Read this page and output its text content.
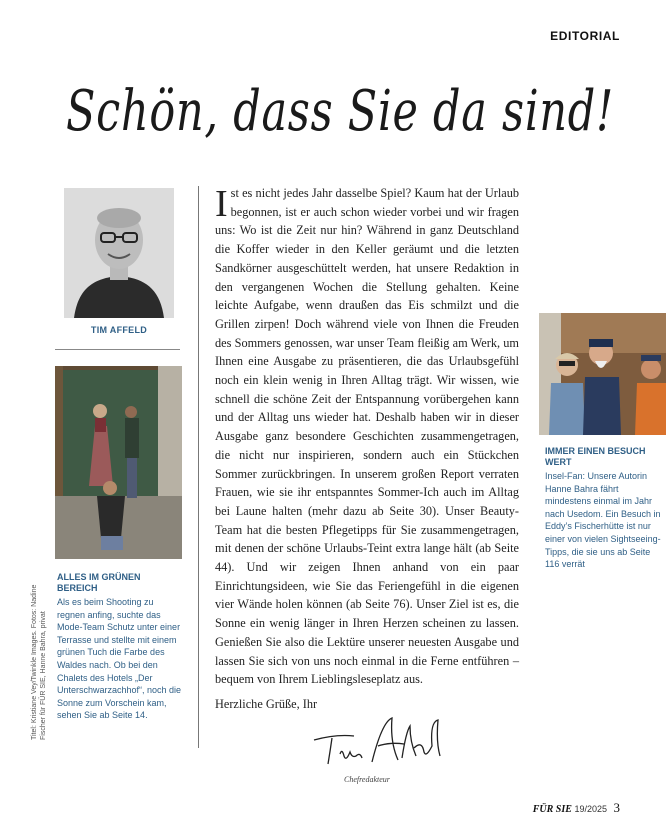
EDITORIAL
Schön, dass Sie da sind!
TIM AFFELD
Titel: Kristiane Vey/Twinkle Images. Fotos: Nadine Fischer für FÜR SIE, Hanne Bahra, privat
ALLES IM GRÜNEN BEREICH
Als es beim Shooting zu regnen anfing, suchte das Mode-Team Schutz unter einer Terrasse und stellte mit einem grünen Tuch die Farbe des Waldes nach. Ob bei den Chalets des Hotels „Der Unterschwarzachhof“, noch die Sonne zum Vorschein kam, sehen Sie ab Seite 14.
Ist es nicht jedes Jahr dasselbe Spiel? Kaum hat der Urlaub begonnen, ist er auch schon wieder vorbei und wir fragen uns: Wo ist die Zeit nur hin? Während in ganz Deutschland die Koffer wieder in den Keller geräumt und die letzten Sandkörner ausgeschüttelt werden, hat unsere Redaktion in den vergangenen Wochen die Stellung gehalten. Keine leichte Aufgabe, wenn draußen das Eis schmilzt und die Grillen zirpen! Doch während viele von Ihnen die Freuden des Sommers genossen, war unser Team fleißig am Werk, um Ihnen eine Ausgabe zu präsentieren, die das Urlaubsgefühl noch ein klein wenig in Ihren Alltag trägt. Wir wissen, wie schnell die schöne Zeit der Entspannung vorübergehen kann und der Alltag uns wieder hat. Deshalb haben wir in dieser Ausgabe ganz besondere Geschichten zusammengetragen, die nicht nur inspirieren, sondern auch ein Stückchen Sommer zurückbringen. In unserem großen Report verraten Frauen, wie sie ihr entspanntes Sommer-Ich auch im Alltag bei Laune halten (mehr dazu ab Seite 30). Unser Beauty-Team hat die besten Pflegetipps für Sie zusammengetragen, mit denen der schöne Urlaubs-Teint extra lange hält (ab Seite 44). Und wir zeigen Ihnen anhand von ein paar Einrichtungsideen, wie Sie das Feriengefühl in die eigenen vier Wände holen können (ab Seite 76). Unser Ziel ist es, die Sonne ein wenig länger in Ihren Herzen scheinen zu lassen. Genießen Sie also die Lektüre unserer neuesten Ausgabe und lassen Sie sich von uns noch einmal in die Ferne entführen – bequem von Ihrem Lieblingsleseplatz aus.
Herzliche Grüße, Ihr
Chefredakteur
IMMER EINEN BESUCH WERT
Insel-Fan: Unsere Autorin Hanne Bahra fährt mindestens einmal im Jahr nach Usedom. Ein Besuch in Eddy’s Fischerhütte ist nur einer von vielen Sightseeing-Tipps, die sie uns ab Seite 116 verrät
FÜR SIE 19/2025 3
